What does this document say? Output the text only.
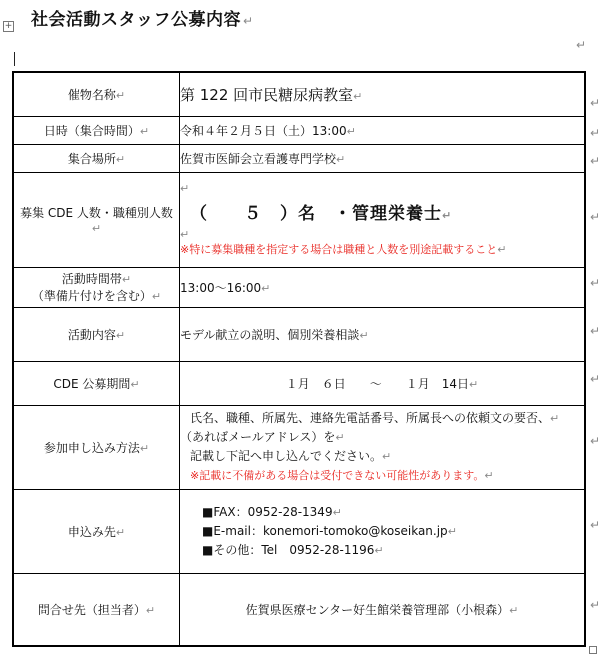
社会活動スタッフ公募内容 ↵
+
↵
催物名称↵	第 122 回市民糖尿病教室↵
日時（集合時間）↵	令和４年２月５日（土）13:00↵
集合場所↵	佐賀市医師会立看護専門学校↵
募集 CDE 人数・職種別人数↵	↵
（　　５　）名　・管理栄養士↵
↵
※特に募集職種を指定する場合は職種と人数を別途記載すること↵

活動時間帯↵
（準備片付けを含む）↵	13:00～16:00↵
活動内容↵	モデル献立の説明、個別栄養相談↵
CDE 公募期間↵	１月　６日　　～　　１月　14日↵
参加申し込み方法↵	氏名、職種、所属先、連絡先電話番号、所属長への依頼文の要否、↵
（あればメールアドレス）を↵
記載し下記へ申し込んでください。↵
※記載に不備がある場合は受付できない可能性があります。↵

申込み先↵	■FAX：0952-28-1349↵
■E-mail：konemori-tomoko@koseikan.jp↵
■その他：Tel　0952-28-1196↵

問合せ先（担当者）↵	佐賀県医療センター好生館栄養管理部（小根森）↵
↵
↵
↵
↵
↵
↵
↵
↵
↵
↵
